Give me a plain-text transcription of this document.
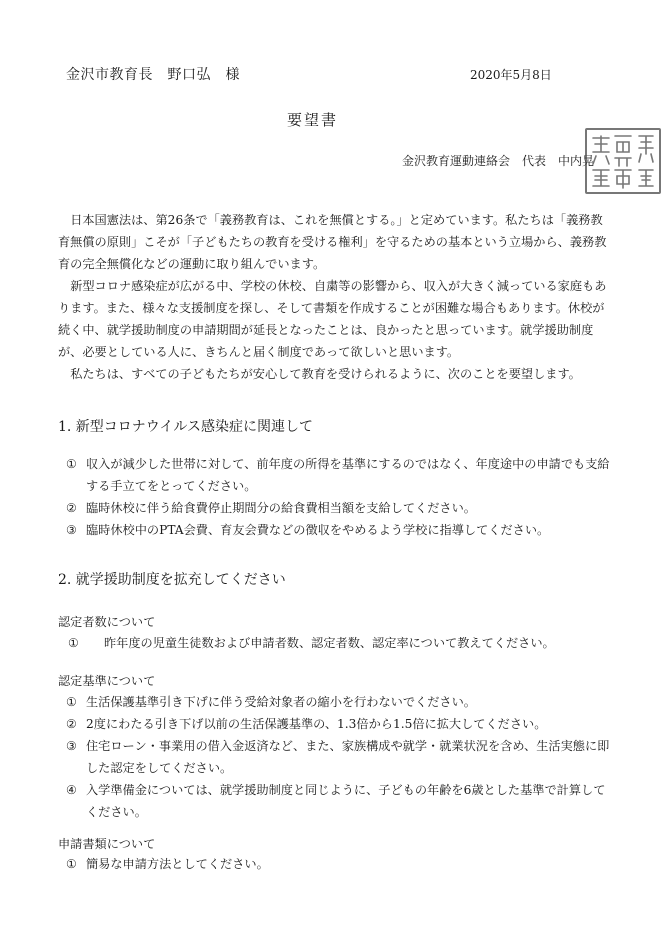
金沢市教育長　野口弘　様	2020年5月8日
要望書
金沢教育運動連絡会　代表　中内晃

日本国憲法は、第26条で「義務教育は、これを無償とする。」と定めています。私たちは「義務教育無償の原則」こそが「子どもたちの教育を受ける権利」を守るための基本という立場から、義務教育の完全無償化などの運動に取り組んでいます。

新型コロナ感染症が広がる中、学校の休校、自粛等の影響から、収入が大きく減っている家庭もあります。また、様々な支援制度を探し、そして書類を作成することが困難な場合もあります。休校が続く中、就学援助制度の申請期間が延長となったことは、良かったと思っています。就学援助制度が、必要としている人に、きちんと届く制度であって欲しいと思います。

私たちは、すべての子どもたちが安心して教育を受けられるように、次のことを要望します。

1. 新型コロナウイルス感染症に関連して
① 収入が減少した世帯に対して、前年度の所得を基準にするのではなく、年度途中の申請でも支給する手立てをとってください。
② 臨時休校に伴う給食費停止期間分の給食費相当額を支給してください。
③ 臨時休校中のPTA会費、育友会費などの徴収をやめるよう学校に指導してください。
2. 就学援助制度を拡充してください
認定者数について
①	昨年度の児童生徒数および申請者数、認定者数、認定率について教えてください。
認定基準について
① 生活保護基準引き下げに伴う受給対象者の縮小を行わないでください。
② 2度にわたる引き下げ以前の生活保護基準の、1.3倍から1.5倍に拡大してください。
③ 住宅ローン・事業用の借入金返済など、また、家族構成や就学・就業状況を含め、生活実態に即した認定をしてください。
④ 入学準備金については、就学援助制度と同じように、子どもの年齢を6歳とした基準で計算してください。
申請書類について
① 簡易な申請方法としてください。
